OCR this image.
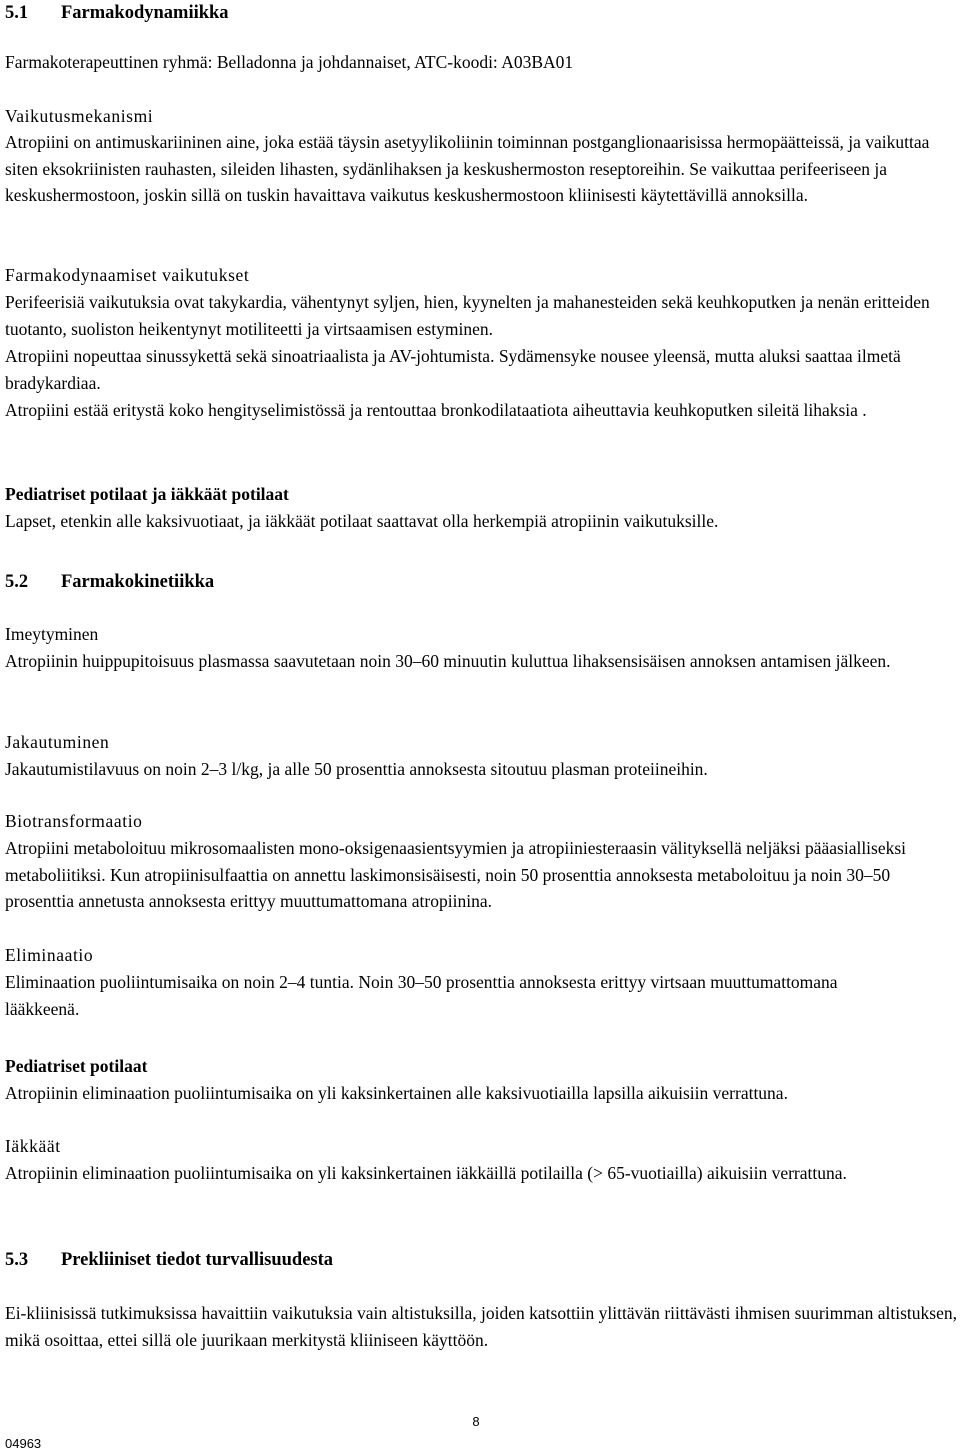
5.1	Farmakodynamiikka

Farmakoterapeuttinen ryhmä: Belladonna ja johdannaiset, ATC-koodi: A03BA01

Vaikutusmekanismi

Atropiini on antimuskariininen aine, joka estää täysin asetyylikoliinin toiminnan postganglionaarisissa hermopäätteissä, ja vaikuttaa siten eksokriinisten rauhasten, sileiden lihasten, sydänlihaksen ja keskushermoston reseptoreihin. Se vaikuttaa perifeeriseen ja keskushermostoon, joskin sillä on tuskin havaittava vaikutus keskushermostoon kliinisesti käytettävillä annoksilla.

Farmakodynaamiset vaikutukset

Perifeerisiä vaikutuksia ovat takykardia, vähentynyt syljen, hien, kyynelten ja mahanesteiden sekä keuhkoputken ja nenän eritteiden tuotanto, suoliston heikentynyt motiliteetti ja virtsaamisen estyminen.

Atropiini nopeuttaa sinussykettä sekä sinoatriaalista ja AV-johtumista. Sydämensyke nousee yleensä, mutta aluksi saattaa ilmetä bradykardiaa.

Atropiini estää eritystä koko hengityselimistössä ja rentouttaa bronkodilataatiota aiheuttavia keuhkoputken sileitä lihaksia .

Pediatriset potilaat ja iäkkäät potilaat

Lapset, etenkin alle kaksivuotiaat, ja iäkkäät potilaat saattavat olla herkempiä atropiinin vaikutuksille.

5.2	Farmakokinetiikka

Imeytyminen

Atropiinin huippupitoisuus plasmassa saavutetaan noin 30–60 minuutin kuluttua lihaksensisäisen annoksen antamisen jälkeen.

Jakautuminen

Jakautumistilavuus on noin 2–3 l/kg, ja alle 50 prosenttia annoksesta sitoutuu plasman proteiineihin.

Biotransformaatio

Atropiini metaboloituu mikrosomaalisten mono-oksigenaasientsyymien ja atropiiniesteraasin välityksellä neljäksi pääasialliseksi metaboliitiksi. Kun atropiinisulfaattia on annettu laskimonsisäisesti, noin 50 prosenttia annoksesta metaboloituu ja noin 30–50 prosenttia annetusta annoksesta erittyy muuttumattomana atropiinina.

Eliminaatio

Eliminaation puoliintumisaika on noin 2–4 tuntia. Noin 30–50 prosenttia annoksesta erittyy virtsaan muuttumattomana lääkkeenä.

Pediatriset potilaat

Atropiinin eliminaation puoliintumisaika on yli kaksinkertainen alle kaksivuotiailla lapsilla aikuisiin verrattuna.

Iäkkäät

Atropiinin eliminaation puoliintumisaika on yli kaksinkertainen iäkkäillä potilailla (> 65-vuotiailla) aikuisiin verrattuna.

5.3	Prekliiniset tiedot turvallisuudesta

Ei-kliinisissä tutkimuksissa havaittiin vaikutuksia vain altistuksilla, joiden katsottiin ylittävän riittävästi ihmisen suurimman altistuksen, mikä osoittaa, ettei sillä ole juurikaan merkitystä kliiniseen käyttöön.

8
04963
